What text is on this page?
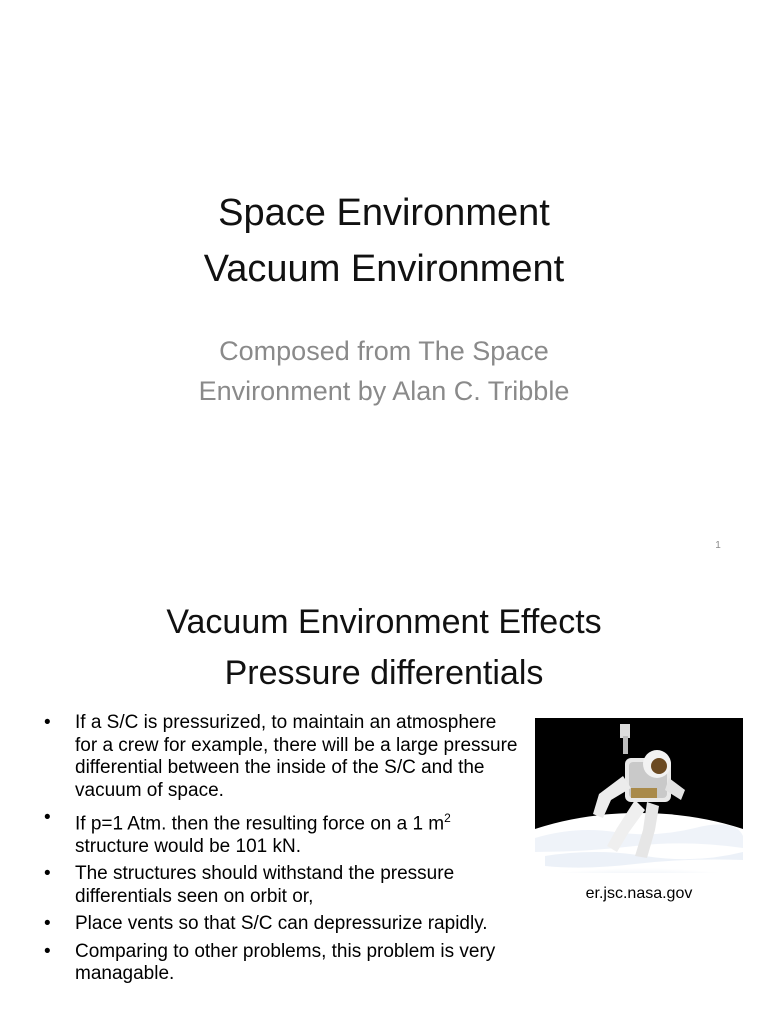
Space Environment
Vacuum Environment
Composed from The Space
Environment by Alan C. Tribble
1
Vacuum Environment Effects
Pressure differentials
• If a S/C is pressurized, to maintain an atmosphere for a crew for example, there will be a large pressure differential between the inside of the S/C and the vacuum of space.
• If p=1 Atm. then the resulting force on a 1 $m^2$
structure would be 101 kN.
• The structures should withstand the pressure differentials seen on orbit or,
• Place vents so that S/C can depressurize rapidly.
• Comparing to other problems, this problem is very managable.
er.jsc.nasa.gov
